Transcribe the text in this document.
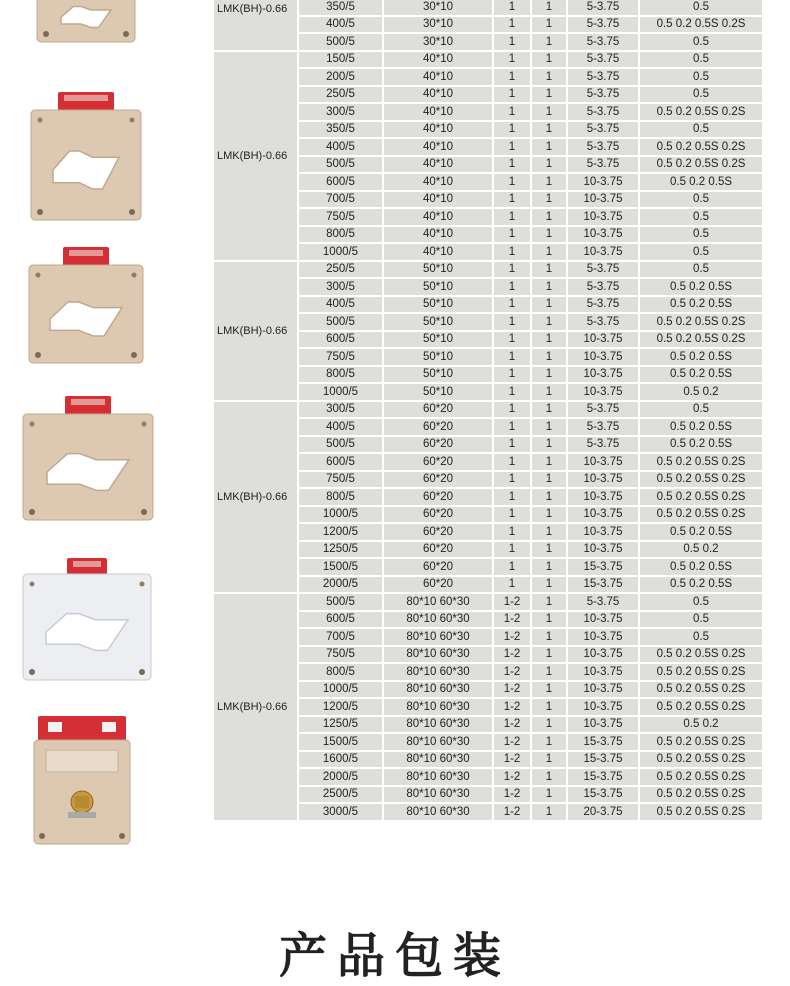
LMK(BH)-0.66	350/5	30*10	1	1	5-3.75	0.5
	400/5	30*10	1	1	5-3.75	0.5 0.2 0.5S 0.2S
	500/5	30*10	1	1	5-3.75	0.5
LMK(BH)-0.66	150/5	40*10	1	1	5-3.75	0.5
	200/5	40*10	1	1	5-3.75	0.5
	250/5	40*10	1	1	5-3.75	0.5
	300/5	40*10	1	1	5-3.75	0.5 0.2 0.5S 0.2S
	350/5	40*10	1	1	5-3.75	0.5
	400/5	40*10	1	1	5-3.75	0.5 0.2 0.5S 0.2S
	500/5	40*10	1	1	5-3.75	0.5 0.2 0.5S 0.2S
	600/5	40*10	1	1	10-3.75	0.5 0.2 0.5S
	700/5	40*10	1	1	10-3.75	0.5
	750/5	40*10	1	1	10-3.75	0.5
	800/5	40*10	1	1	10-3.75	0.5
	1000/5	40*10	1	1	10-3.75	0.5
LMK(BH)-0.66	250/5	50*10	1	1	5-3.75	0.5
	300/5	50*10	1	1	5-3.75	0.5 0.2 0.5S
	400/5	50*10	1	1	5-3.75	0.5 0.2 0.5S
	500/5	50*10	1	1	5-3.75	0.5 0.2 0.5S 0.2S
	600/5	50*10	1	1	10-3.75	0.5 0.2 0.5S 0.2S
	750/5	50*10	1	1	10-3.75	0.5 0.2 0.5S
	800/5	50*10	1	1	10-3.75	0.5 0.2 0.5S
	1000/5	50*10	1	1	10-3.75	0.5 0.2
LMK(BH)-0.66	300/5	60*20	1	1	5-3.75	0.5
	400/5	60*20	1	1	5-3.75	0.5 0.2 0.5S
	500/5	60*20	1	1	5-3.75	0.5 0.2 0.5S
	600/5	60*20	1	1	10-3.75	0.5 0.2 0.5S 0.2S
	750/5	60*20	1	1	10-3.75	0.5 0.2 0.5S 0.2S
	800/5	60*20	1	1	10-3.75	0.5 0.2 0.5S 0.2S
	1000/5	60*20	1	1	10-3.75	0.5 0.2 0.5S 0.2S
	1200/5	60*20	1	1	10-3.75	0.5 0.2 0.5S
	1250/5	60*20	1	1	10-3.75	0.5 0.2
	1500/5	60*20	1	1	15-3.75	0.5 0.2 0.5S
	2000/5	60*20	1	1	15-3.75	0.5 0.2 0.5S
LMK(BH)-0.66	500/5	80*10 60*30	1-2	1	5-3.75	0.5
	600/5	80*10 60*30	1-2	1	10-3.75	0.5
	700/5	80*10 60*30	1-2	1	10-3.75	0.5
	750/5	80*10 60*30	1-2	1	10-3.75	0.5 0.2 0.5S 0.2S
	800/5	80*10 60*30	1-2	1	10-3.75	0.5 0.2 0.5S 0.2S
	1000/5	80*10 60*30	1-2	1	10-3.75	0.5 0.2 0.5S 0.2S
	1200/5	80*10 60*30	1-2	1	10-3.75	0.5 0.2 0.5S 0.2S
	1250/5	80*10 60*30	1-2	1	10-3.75	0.5 0.2
	1500/5	80*10 60*30	1-2	1	15-3.75	0.5 0.2 0.5S 0.2S
	1600/5	80*10 60*30	1-2	1	15-3.75	0.5 0.2 0.5S 0.2S
	2000/5	80*10 60*30	1-2	1	15-3.75	0.5 0.2 0.5S 0.2S
	2500/5	80*10 60*30	1-2	1	15-3.75	0.5 0.2 0.5S 0.2S
	3000/5	80*10 60*30	1-2	1	20-3.75	0.5 0.2 0.5S 0.2S
产品包装
